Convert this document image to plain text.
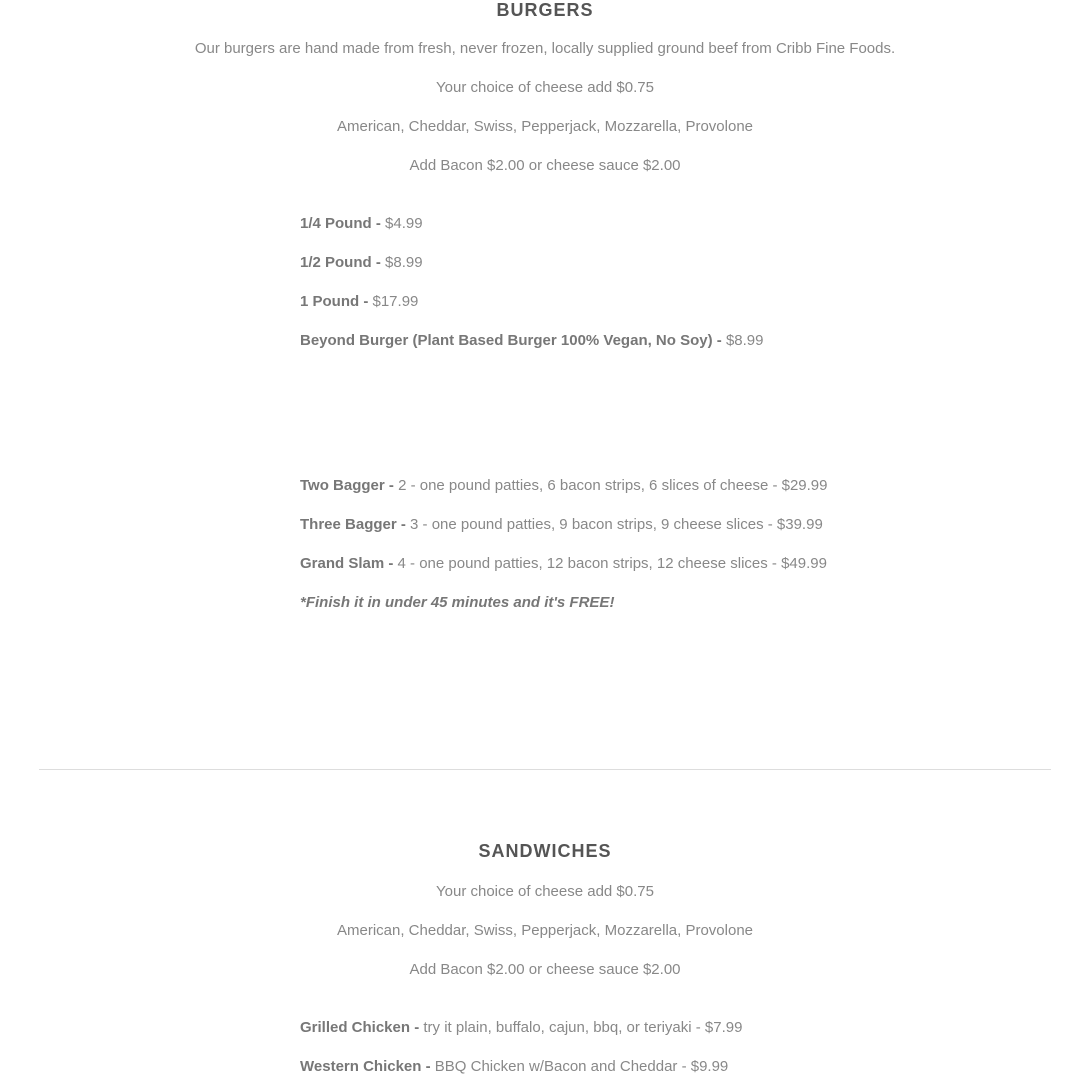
BURGERS

Our burgers are hand made from fresh, never frozen, locally supplied ground beef from Cribb Fine Foods.

Your choice of cheese add $0.75

American, Cheddar, Swiss, Pepperjack, Mozzarella, Provolone

Add Bacon $2.00 or cheese sauce $2.00

1/4 Pound - $4.99

1/2 Pound - $8.99

1 Pound - $17.99

Beyond Burger (Plant Based Burger 100% Vegan, No Soy) - $8.99

Two Bagger - 2 - one pound patties, 6 bacon strips, 6 slices of cheese - $29.99

Three Bagger - 3 - one pound patties, 9 bacon strips, 9 cheese slices - $39.99

Grand Slam - 4 - one pound patties, 12 bacon strips, 12 cheese slices - $49.99

*Finish it in under 45 minutes and it's FREE!

SANDWICHES

Your choice of cheese add $0.75

American, Cheddar, Swiss, Pepperjack, Mozzarella, Provolone

Add Bacon $2.00 or cheese sauce $2.00

Grilled Chicken - try it plain, buffalo, cajun, bbq, or teriyaki - $7.99

Western Chicken - BBQ Chicken w/Bacon and Cheddar - $9.99
